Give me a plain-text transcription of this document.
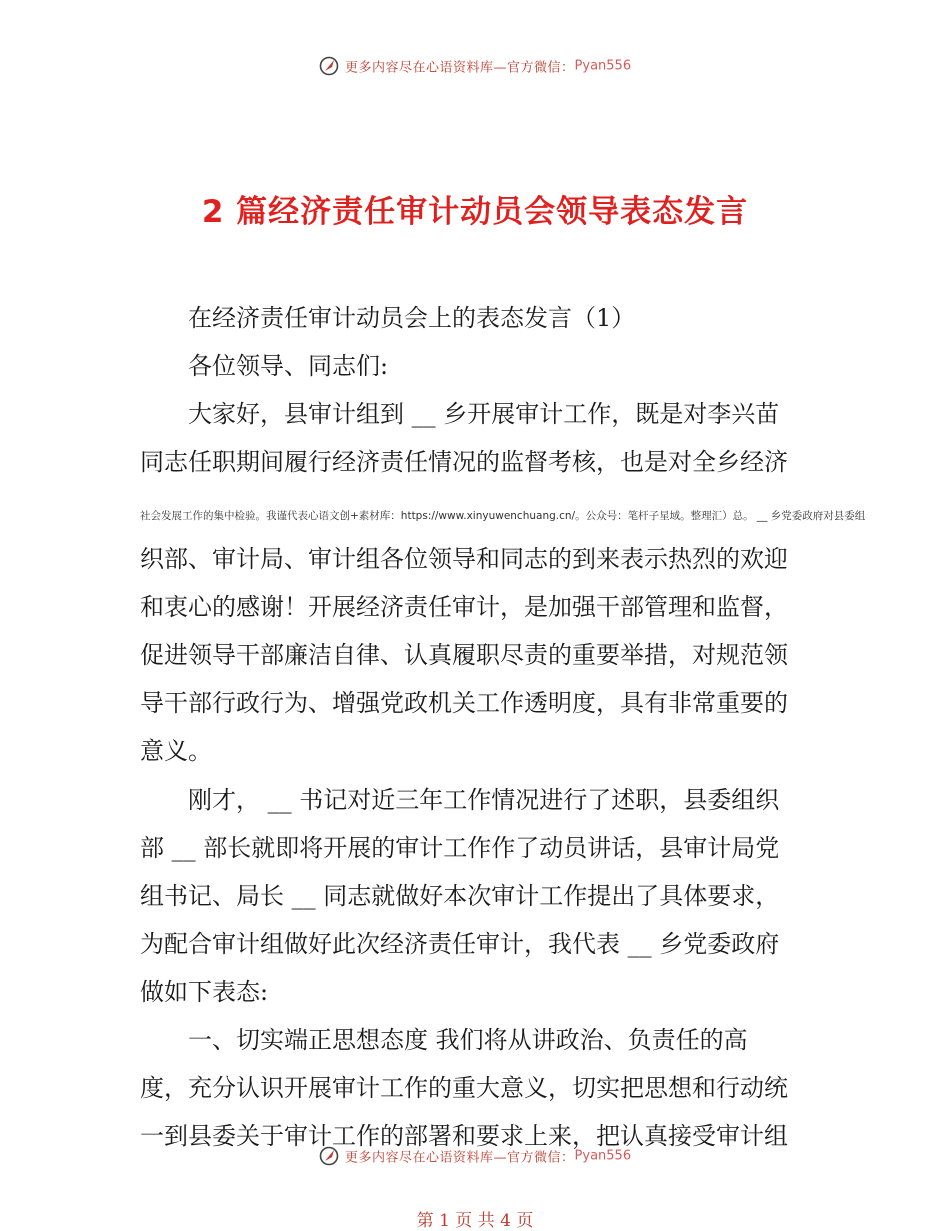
更多内容尽在心语资料库—官方微信：Pyan556
2 篇经济责任审计动员会领导表态发言
在经济责任审计动员会上的表态发言（1）
各位领导、同志们:
大家好，县审计组到 __ 乡开展审计工作，既是对李兴苗
同志任职期间履行经济责任情况的监督考核，也是对全乡经济
社会发展工作的集中检验。我谨代表心语文创+素材库：https://www.xinyuwenchuang.cn/。公众号：笔杆子星域。整理汇）总。 __ 乡党委政府对县委组
织部、审计局、审计组各位领导和同志的到来表示热烈的欢迎
和衷心的感谢！开展经济责任审计，是加强干部管理和监督，
促进领导干部廉洁自律、认真履职尽责的重要举措，对规范领
导干部行政行为、增强党政机关工作透明度，具有非常重要的
意义。
刚才， __ 书记对近三年工作情况进行了述职，县委组织
部 __ 部长就即将开展的审计工作作了动员讲话，县审计局党
组书记、局长 __ 同志就做好本次审计工作提出了具体要求，
为配合审计组做好此次经济责任审计，我代表 __ 乡党委政府
做如下表态:
一、切实端正思想态度 我们将从讲政治、负责任的高
度，充分认识开展审计工作的重大意义，切实把思想和行动统
一到县委关于审计工作的部署和要求上来，把认真接受审计组
更多内容尽在心语资料库—官方微信：Pyan556
第 1 页 共 4 页
